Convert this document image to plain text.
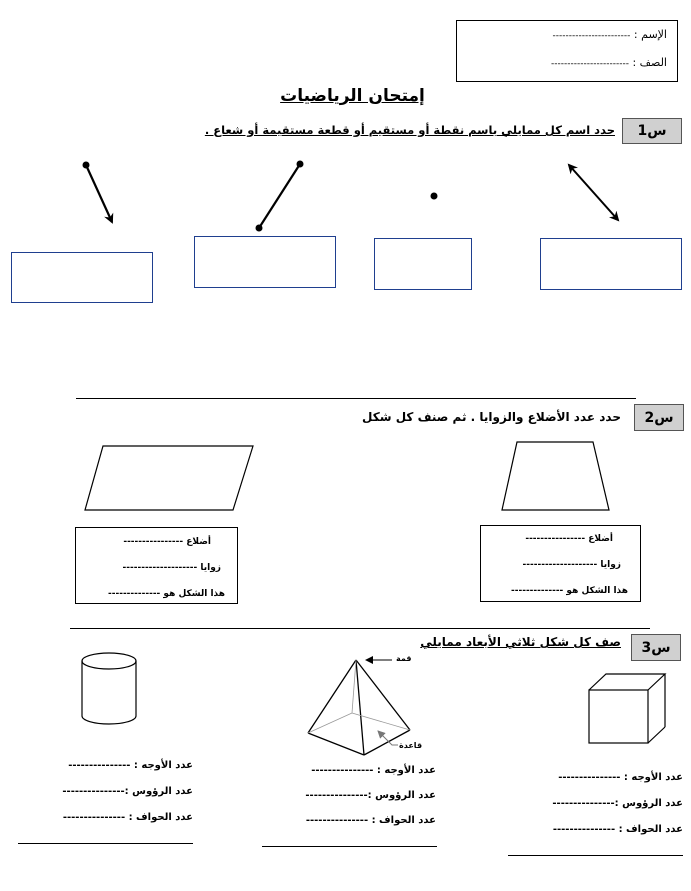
الإسم : ------------------------
الصف : ------------------------
إمتحان الرياضيات
س1
حدد اسم كل ممايلي باسم نقطة أو مستقيم أو قطعة مستقيمة أو شعاع .
س2
حدد عدد الأضلاع والزوايا . ثم صنف كل شكل
أضلاع ----------------
زوايا --------------------
هذا الشكل هو --------------
أضلاع ----------------
زوايا --------------------
هذا الشكل هو --------------
س3
صف كل شكل ثلاثي الأبعاد ممايلي
قمة
قاعدة
عدد الأوجه : ---------------
عدد الرؤوس :---------------
عدد الحواف : ---------------
عدد الأوجه : ---------------
عدد الرؤوس :---------------
عدد الحواف : ---------------
عدد الأوجه : ---------------
عدد الرؤوس :---------------
عدد الحواف : ---------------
